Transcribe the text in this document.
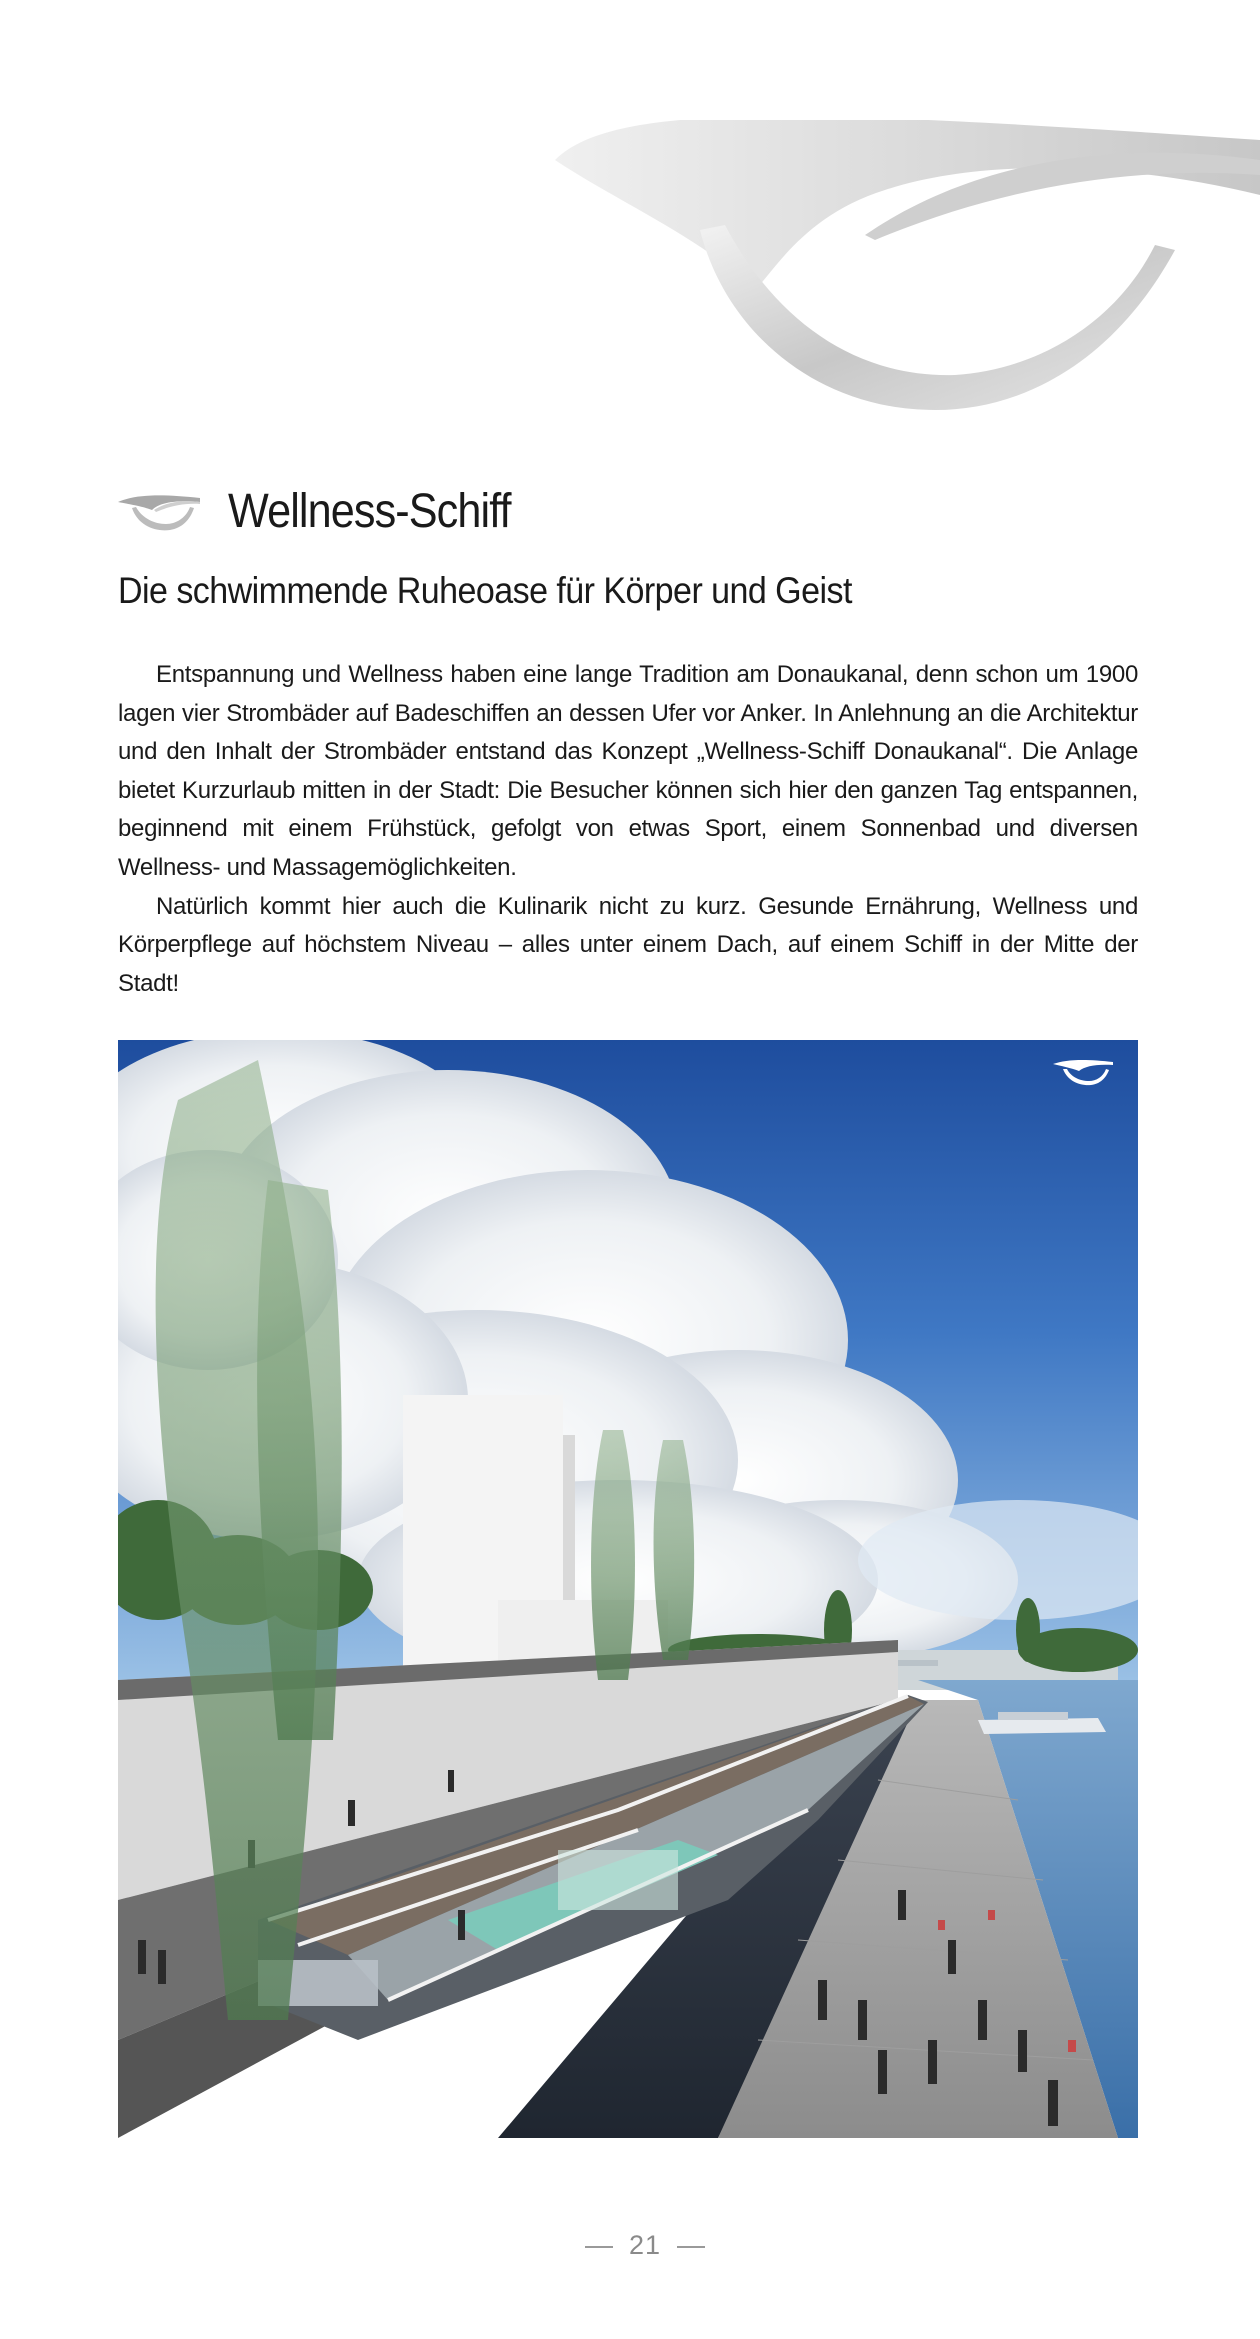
Wellness-Schiff
Die schwimmende Ruheoase für Körper und Geist

Entspannung und Wellness haben eine lange Tradition am Donaukanal, denn schon um 1900 lagen vier Strombäder auf Badeschiffen an dessen Ufer vor Anker. In Anlehnung an die Architektur und den Inhalt der Strombäder entstand das Konzept „Wellness-Schiff Donaukanal“. Die Anlage bietet Kurzurlaub mitten in der Stadt: Die Besucher können sich hier den ganzen Tag entspannen, beginnend mit einem Frühstück, gefolgt von etwas Sport, einem Sonnenbad und diversen Wellness- und Massagemöglichkeiten.

Natürlich kommt hier auch die Kulinarik nicht zu kurz. Gesunde Ernährung, Wellness und Körperpflege auf höchstem Niveau – alles unter einem Dach, auf einem Schiff in der Mitte der Stadt!

21
